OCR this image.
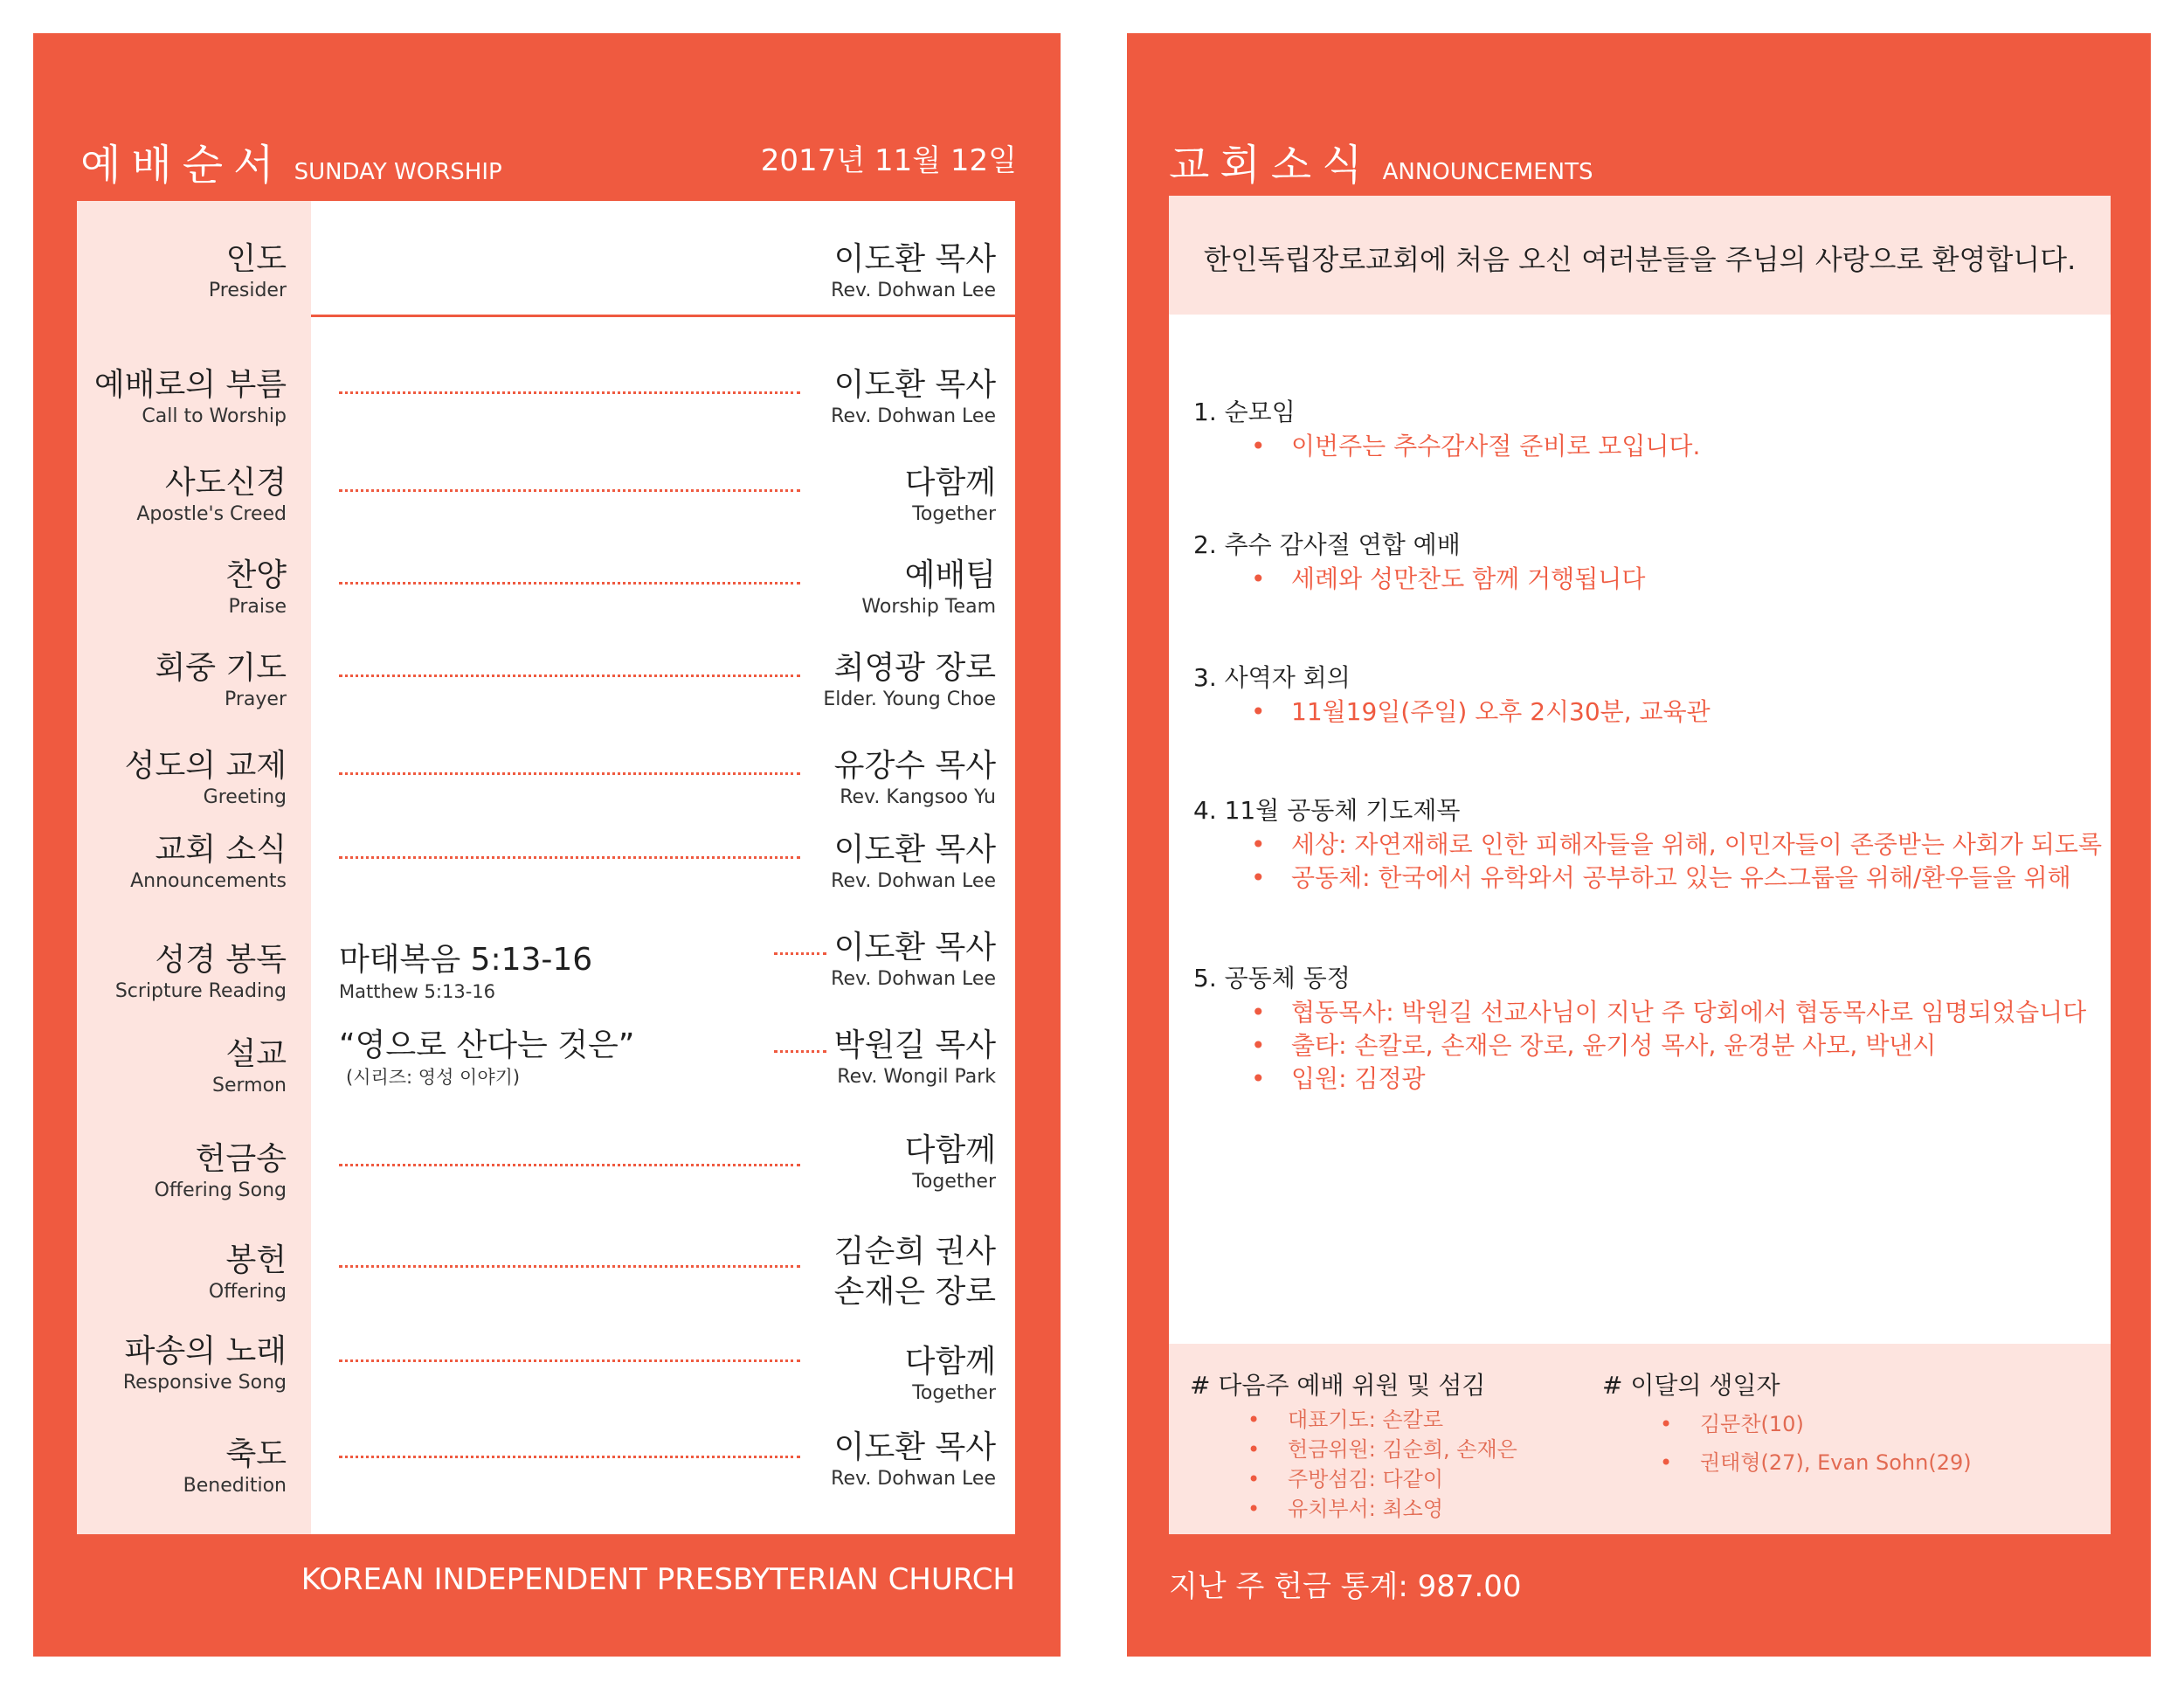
예배순서 SUNDAY WORSHIP	2017년 11월 12일
인도
Presider
이도환 목사
Rev. Dohwan Lee
예배로의 부름
Call to Worship
이도환 목사
Rev. Dohwan Lee
사도신경
Apostle's Creed
다함께
Together
찬양
Praise
예배팀
Worship Team
회중 기도
Prayer
최영광 장로
Elder. Young Choe
성도의 교제
Greeting
유강수 목사
Rev. Kangsoo Yu
교회 소식
Announcements
이도환 목사
Rev. Dohwan Lee
성경 봉독
Scripture Reading
마태복음 5:13-16
Matthew 5:13-16
이도환 목사
Rev. Dohwan Lee
설교
Sermon
“영으로 산다는 것은”
(시리즈: 영성 이야기)
박원길 목사
Rev. Wongil Park
헌금송
Offering Song
다함께
Together
봉헌
Offering
김순희 권사
손재은 장로
파송의 노래
Responsive Song
다함께
Together
축도
Benedition
이도환 목사
Rev. Dohwan Lee
KOREAN INDEPENDENT PRESBYTERIAN CHURCH
교회소식 ANNOUNCEMENTS
한인독립장로교회에 처음 오신 여러분들을 주님의 사랑으로 환영합니다.
1. 순모임
• 이번주는 추수감사절 준비로 모입니다.
2. 추수 감사절 연합 예배
• 세례와 성만찬도 함께 거행됩니다
3. 사역자 회의
• 11월19일(주일) 오후 2시30분, 교육관
4. 11월 공동체 기도제목
• 세상: 자연재해로 인한 피해자들을 위해, 이민자들이 존중받는 사회가 되도록
• 공동체: 한국에서 유학와서 공부하고 있는 유스그룹을 위해/환우들을 위해
5. 공동체 동정
• 협동목사: 박원길 선교사님이 지난 주 당회에서 협동목사로 임명되었습니다
• 출타: 손칼로, 손재은 장로, 윤기성 목사, 윤경분 사모, 박낸시
• 입원: 김정광
# 다음주 예배 위원 및 섬김
• 대표기도: 손칼로
• 헌금위원: 김순희, 손재은
• 주방섬김: 다같이
• 유치부서: 최소영
# 이달의 생일자
• 김문찬(10)
• 권태형(27), Evan Sohn(29)
지난 주 헌금 통계: 987.00
